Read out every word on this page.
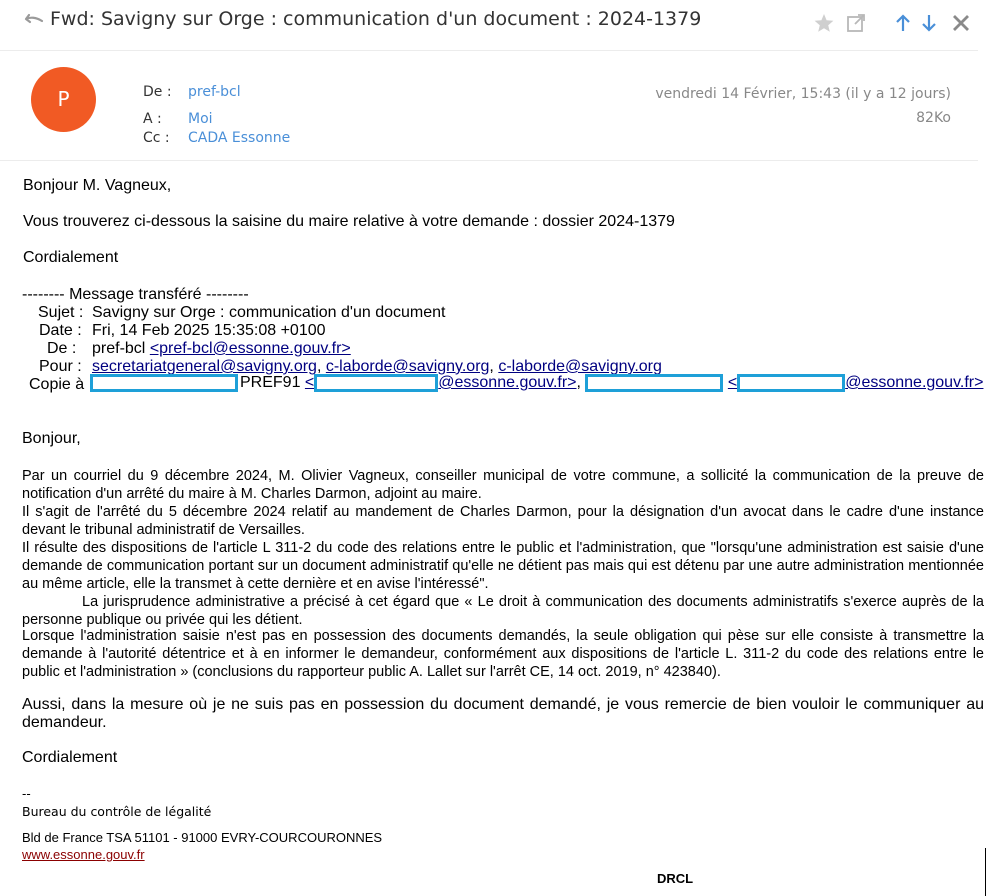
Fwd: Savigny sur Orge : communication d'un document : 2024-1379
P	De : pref-bcl
A : Moi
Cc : CADA Essonne
vendredi 14 Février, 15:43 (il y a 12 jours)
82Ko
Bonjour M. Vagneux,
Vous trouverez ci-dessous la saisine du maire relative à votre demande : dossier 2024-1379
Cordialement
-------- Message transféré --------
Sujet : Savigny sur Orge : communication d'un document
Date : Fri, 14 Feb 2025 15:35:08 +0100
De : pref-bcl <pref-bcl@essonne.gouv.fr>
Pour : secretariatgeneral@savigny.org, c-laborde@savigny.org, c-laborde@savigny.org
Copie à :	PREF91 <	@essonne.gouv.fr>,	<	@essonne.gouv.fr>
Bonjour,
Par un courriel du 9 décembre 2024, M. Olivier Vagneux, conseiller municipal de votre commune, a sollicité la communication de la preuve de notification d'un arrêté du maire à M. Charles Darmon, adjoint au maire.
Il s'agit de l'arrêté du 5 décembre 2024 relatif au mandement de Charles Darmon, pour la désignation d'un avocat dans le cadre d'une instance devant le tribunal administratif de Versailles.
Il résulte des dispositions de l'article L 311-2 du code des relations entre le public et l'administration, que "lorsqu'une administration est saisie d'une demande de communication portant sur un document administratif qu'elle ne détient pas mais qui est détenu par une autre administration mentionnée au même article, elle la transmet à cette dernière et en avise l'intéressé".
La jurisprudence administrative a précisé à cet égard que « Le droit à communication des documents administratifs s'exerce auprès de la personne publique ou privée qui les détient.
Lorsque l'administration saisie n'est pas en possession des documents demandés, la seule obligation qui pèse sur elle consiste à transmettre la demande à l'autorité détentrice et à en informer le demandeur, conformément aux dispositions de l'article L. 311-2 du code des relations entre le public et l'administration » (conclusions du rapporteur public A. Lallet sur l'arrêt CE, 14 oct. 2019, n° 423840).
Aussi, dans la mesure où je ne suis pas en possession du document demandé, je vous remercie de bien vouloir le communiquer au demandeur.
Cordialement
--
Bureau du contrôle de légalité
Bld de France TSA 51101 - 91000 EVRY-COURCOURONNES
www.essonne.gouv.fr
DRCL
